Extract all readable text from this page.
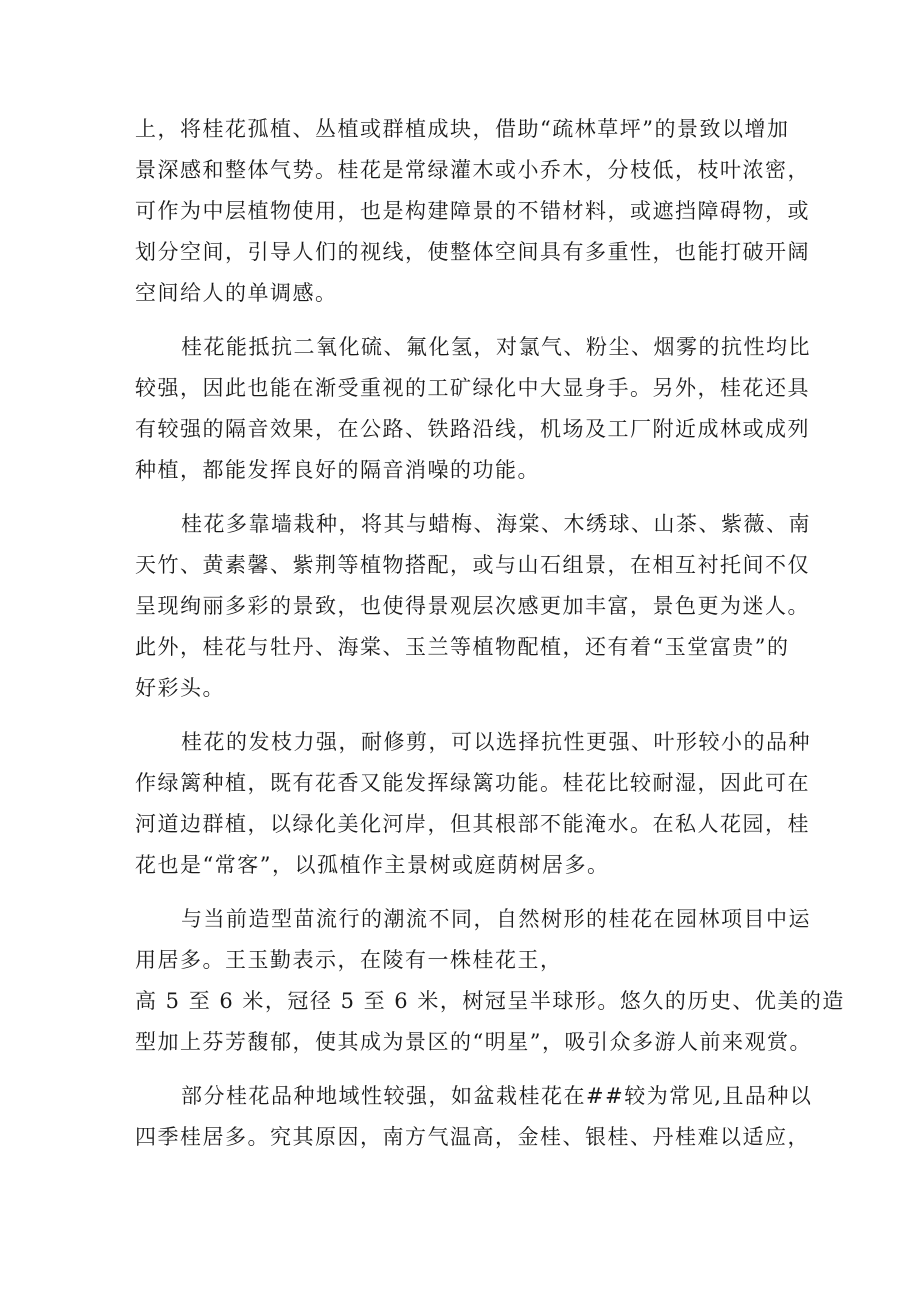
上，将桂花孤植、丛植或群植成块，借助“疏林草坪”的景致以增加
景深感和整体气势。桂花是常绿灌木或小乔木，分枝低，枝叶浓密，
可作为中层植物使用，也是构建障景的不错材料，或遮挡障碍物，或
划分空间，引导人们的视线，使整体空间具有多重性，也能打破开阔
空间给人的单调感。
桂花能抵抗二氧化硫、氟化氢，对氯气、粉尘、烟雾的抗性均比
较强，因此也能在渐受重视的工矿绿化中大显身手。另外，桂花还具
有较强的隔音效果，在公路、铁路沿线，机场及工厂附近成林或成列
种植，都能发挥良好的隔音消噪的功能。
桂花多靠墙栽种，将其与蜡梅、海棠、木绣球、山茶、紫薇、南
天竹、黄素馨、紫荆等植物搭配，或与山石组景，在相互衬托间不仅
呈现绚丽多彩的景致，也使得景观层次感更加丰富，景色更为迷人。
此外，桂花与牡丹、海棠、玉兰等植物配植，还有着“玉堂富贵”的
好彩头。
桂花的发枝力强，耐修剪，可以选择抗性更强、叶形较小的品种
作绿篱种植，既有花香又能发挥绿篱功能。桂花比较耐湿，因此可在
河道边群植，以绿化美化河岸，但其根部不能淹水。在私人花园，桂
花也是“常客”，以孤植作主景树或庭荫树居多。
与当前造型苗流行的潮流不同，自然树形的桂花在园林项目中运
用居多。王玉勤表示，在陵有一株桂花王，
高 5 至 6 米，冠径 5 至 6 米，树冠呈半球形。悠久的历史、优美的造
型加上芬芳馥郁，使其成为景区的“明星”，吸引众多游人前来观赏。
部分桂花品种地域性较强，如盆栽桂花在##较为常见,且品种以
四季桂居多。究其原因，南方气温高，金桂、银桂、丹桂难以适应，
